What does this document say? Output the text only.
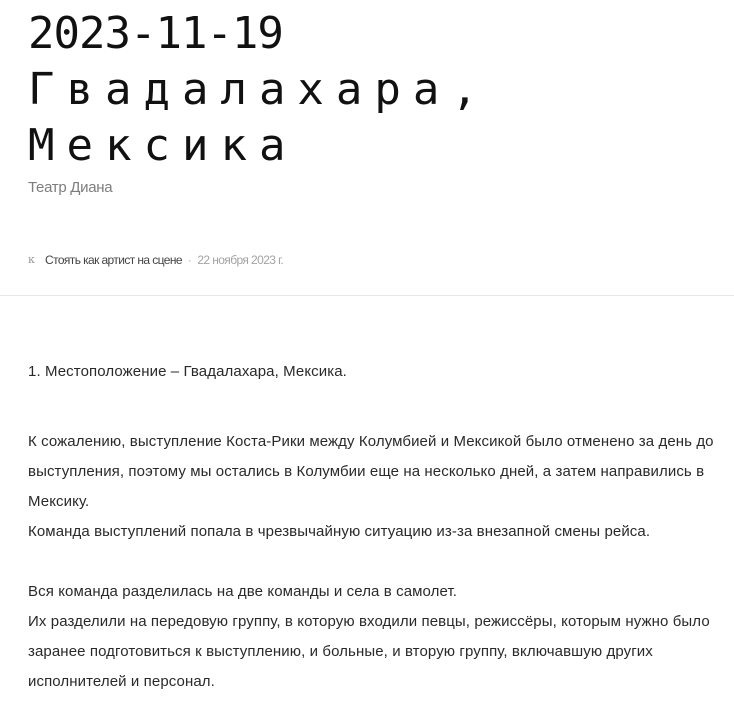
2023-11-19
Гвадалахара,
Мексика

Театр Диана

ĸ Стоять как артист на сцене · 22 ноября 2023 г.

1. Местоположение – Гвадалахара, Мексика.

К сожалению, выступление Коста-Рики между Колумбией и Мексикой было отменено за день до выступления, поэтому мы остались в Колумбии еще на несколько дней, а затем направились в Мексику.

Команда выступлений попала в чрезвычайную ситуацию из-за внезапной смены рейса.

Вся команда разделилась на две команды и села в самолет.

Их разделили на передовую группу, в которую входили певцы, режиссёры, которым нужно было заранее подготовиться к выступлению, и больные, и вторую группу, включавшую других исполнителей и персонал.
